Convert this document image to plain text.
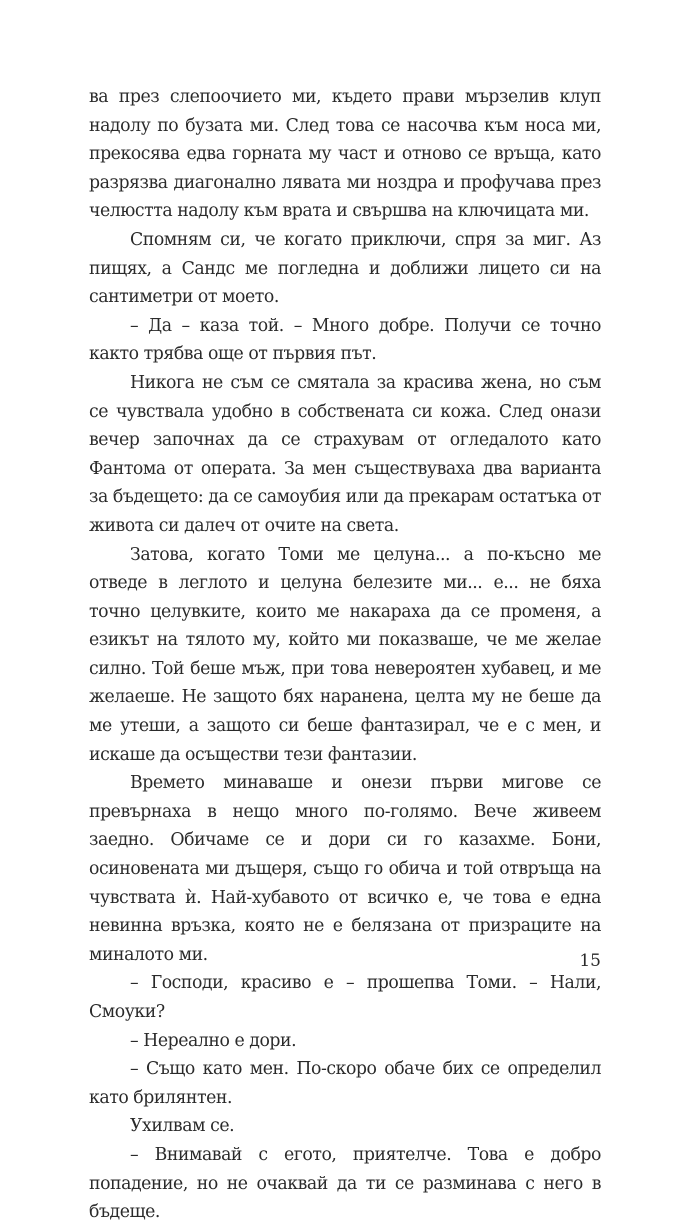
ва през слепоочието ми, където прави мързелив клуп надолу по бузата ми. След това се насочва към носа ми, прекосява едва горната му част и отново се връща, като разрязва диагонално лявата ми ноздра и профучава през челюстта надолу към врата и свършва на ключицата ми.

Спомням си, че когато приключи, спря за миг. Аз пищях, а Сандс ме погледна и доближи лицето си на сантиметри от моето.

– Да – каза той. – Много добре. Получи се точно както трябва още от първия път.

Никога не съм се смятала за красива жена, но съм се чувствала удобно в собствената си кожа. След онази вечер започнах да се страхувам от огледалото като Фантома от операта. За мен съществуваха два варианта за бъдещето: да се самоубия или да прекарам остатъка от живота си далеч от очите на света.

Затова, когато Томи ме целуна... а по-късно ме отведе в леглото и целуна белезите ми... е... не бяха точно целувките, които ме накараха да се променя, а езикът на тялото му, който ми показваше, че ме желае силно. Той беше мъж, при това невероятен хубавец, и ме желаеше. Не защото бях наранена, целта му не беше да ме утеши, а защото си беше фантазирал, че е с мен, и искаше да осъществи тези фантазии.

Времето минаваше и онези първи мигове се превърнаха в нещо много по-голямо. Вече живеем заедно. Обичаме се и дори си го казахме. Бони, осиновената ми дъщеря, също го обича и той отвръща на чувствата ѝ. Най-хубавото от всичко е, че това е една невинна връзка, която не е белязана от призраците на миналото ми.

– Господи, красиво е – прошепва Томи. – Нали, Смоуки?

– Нереално е дори.

– Също като мен. По-скоро обаче бих се определил като брилянтен.

Ухилвам се.

– Внимавай с егото, приятелче. Това е добро попадение, но не очаквай да ти се разминава с него в бъдеще.

15
